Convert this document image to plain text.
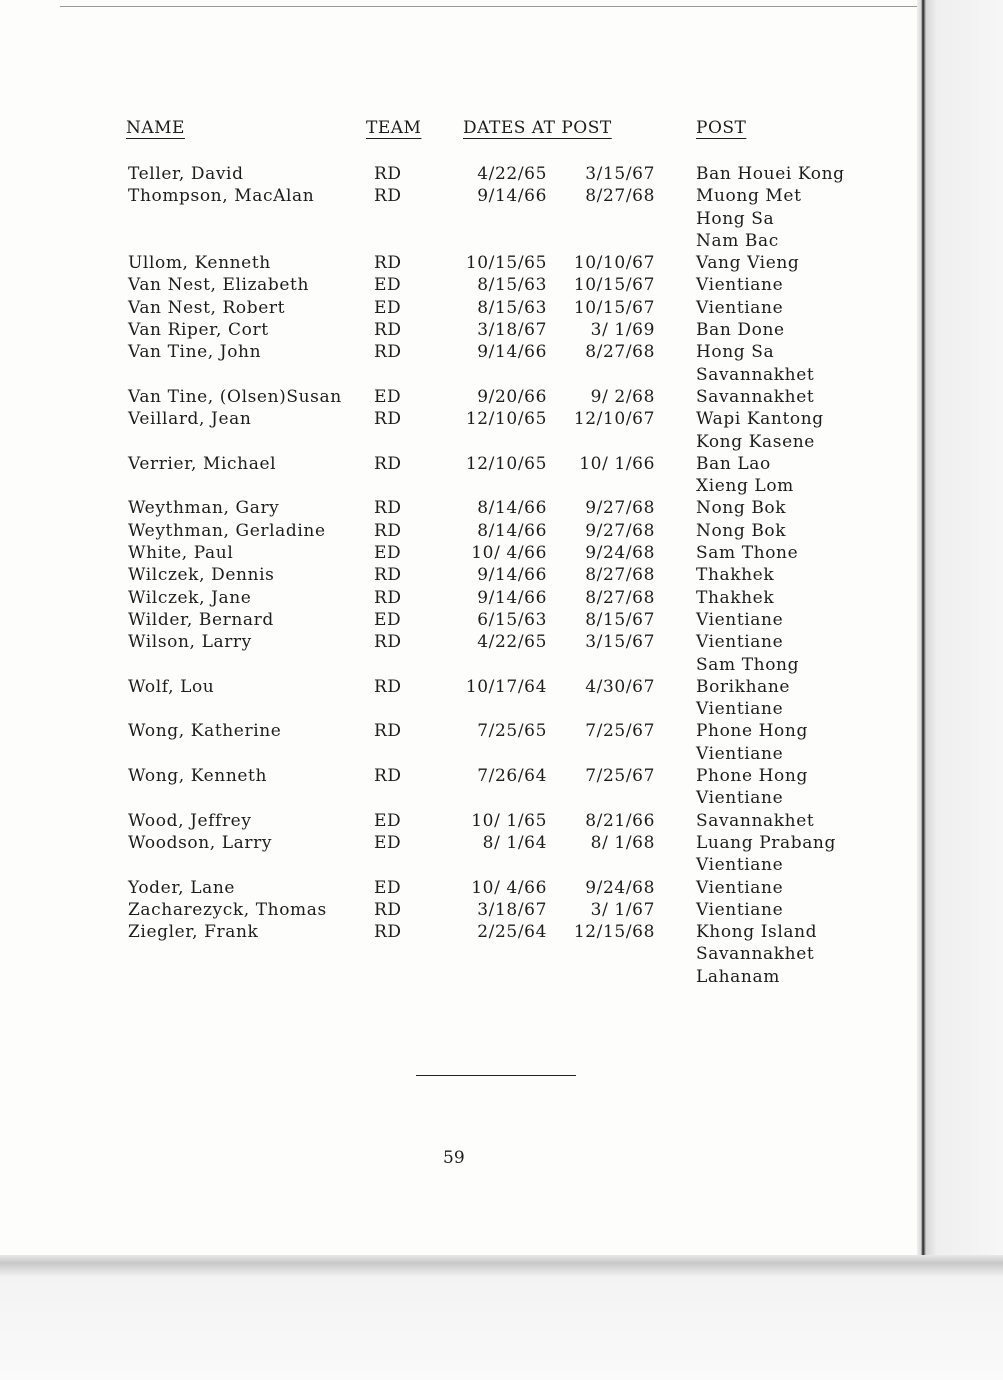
NAME	TEAM DATES AT POST	POST
Teller, David	RD	4/22/65 3/15/67 Ban Houei Kong
Thompson, MacAlan	RD	9/14/66 8/27/68 Muong Met
Hong Sa
Nam Bac
Ullom, Kenneth	RD	10/15/65 10/10/67 Vang Vieng
Van Nest, Elizabeth	ED	8/15/63 10/15/67 Vientiane
Van Nest, Robert	ED	8/15/63 10/15/67 Vientiane
Van Riper, Cort	RD	3/18/67	3/ 1/69 Ban Done
Van Tine, John	RD	9/14/66 8/27/68 Hong Sa
Savannakhet
Van Tine, (Olsen)Susan ED	9/20/66	9/ 2/68 Savannakhet
Veillard, Jean	RD	12/10/65 12/10/67 Wapi Kantong
Kong Kasene
Verrier, Michael	RD	12/10/65 10/ 1/66 Ban Lao
Xieng Lom
Weythman, Gary	RD	8/14/66 9/27/68 Nong Bok
Weythman, Gerladine	RD	8/14/66 9/27/68 Nong Bok
White, Paul	ED	10/ 4/66 9/24/68 Sam Thone
Wilczek, Dennis	RD	9/14/66 8/27/68 Thakhek
Wilczek, Jane	RD	9/14/66 8/27/68 Thakhek
Wilder, Bernard	ED	6/15/63 8/15/67 Vientiane
Wilson, Larry	RD	4/22/65 3/15/67 Vientiane
Sam Thong
Wolf, Lou	RD	10/17/64 4/30/67 Borikhane
Vientiane
Wong, Katherine	RD	7/25/65 7/25/67 Phone Hong
Vientiane
Wong, Kenneth	RD	7/26/64 7/25/67 Phone Hong
Vientiane
Wood, Jeffrey	ED	10/ 1/65 8/21/66 Savannakhet
Woodson, Larry	ED	8/ 1/64	8/ 1/68 Luang Prabang
Vientiane
Yoder, Lane	ED	10/ 4/66 9/24/68 Vientiane
Zacharezyck, Thomas	RD	3/18/67	3/ 1/67 Vientiane
Ziegler, Frank	RD	2/25/64 12/15/68 Khong Island
Savannakhet
Lahanam
59
